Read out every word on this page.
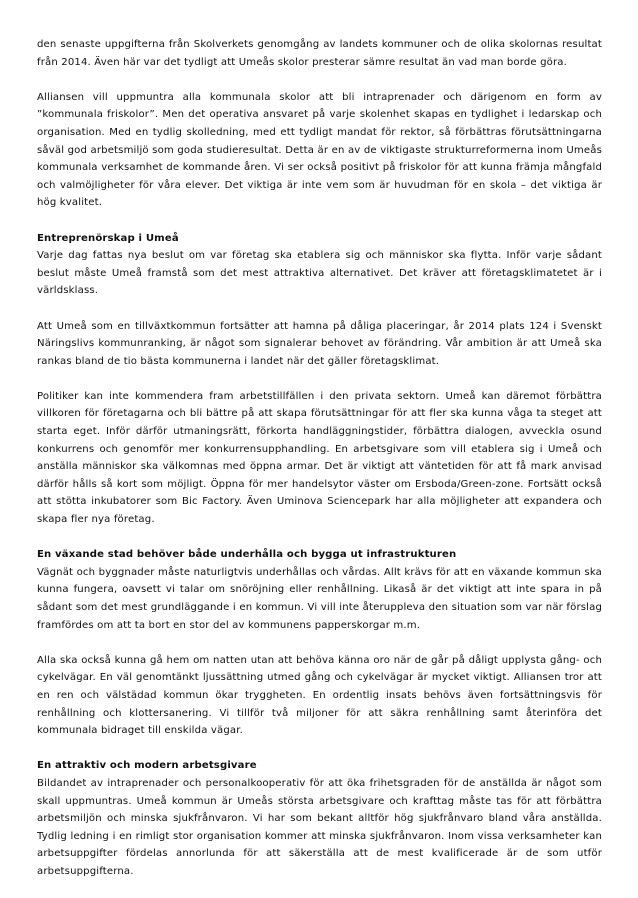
den senaste uppgifterna från Skolverkets genomgång av landets kommuner och de olika skolornas resultat från 2014. Även här var det tydligt att Umeås skolor presterar sämre resultat än vad man borde göra.

Alliansen vill uppmuntra alla kommunala skolor att bli intraprenader och därigenom en form av ”kommunala friskolor”. Men det operativa ansvaret på varje skolenhet skapas en tydlighet i ledarskap och organisation. Med en tydlig skolledning, med ett tydligt mandat för rektor, så förbättras förutsättningarna såväl god arbetsmiljö som goda studieresultat. Detta är en av de viktigaste strukturreformerna inom Umeås kommunala verksamhet de kommande åren. Vi ser också positivt på friskolor för att kunna främja mångfald och valmöjligheter för våra elever. Det viktiga är inte vem som är huvudman för en skola – det viktiga är hög kvalitet.

Entreprenörskap i Umeå

Varje dag fattas nya beslut om var företag ska etablera sig och människor ska flytta. Inför varje sådant beslut måste Umeå framstå som det mest attraktiva alternativet. Det kräver att företagsklimatetet är i världsklass.

Att Umeå som en tillväxtkommun fortsätter att hamna på dåliga placeringar, år 2014 plats 124 i Svenskt Näringslivs kommunranking, är något som signalerar behovet av förändring. Vår ambition är att Umeå ska rankas bland de tio bästa kommunerna i landet när det gäller företagsklimat.

Politiker kan inte kommendera fram arbetstillfällen i den privata sektorn. Umeå kan däremot förbättra villkoren för företagarna och bli bättre på att skapa förutsättningar för att fler ska kunna våga ta steget att starta eget. Inför därför utmaningsrätt, förkorta handläggningstider, förbättra dialogen, avveckla osund konkurrens och genomför mer konkurrensupphandling. En arbetsgivare som vill etablera sig i Umeå och anställa människor ska välkomnas med öppna armar. Det är viktigt att väntetiden för att få mark anvisad därför hålls så kort som möjligt. Öppna för mer handelsytor väster om Ersboda/Green-zone. Fortsätt också att stötta inkubatorer som Bic Factory. Även Uminova Sciencepark har alla möjligheter att expandera och skapa fler nya företag.

En växande stad behöver både underhålla och bygga ut infrastrukturen

Vägnät och byggnader måste naturligtvis underhållas och vårdas. Allt krävs för att en växande kommun ska kunna fungera, oavsett vi talar om snöröjning eller renhållning. Likaså är det viktigt att inte spara in på sådant som det mest grundläggande i en kommun. Vi vill inte återuppleva den situation som var när förslag framfördes om att ta bort en stor del av kommunens papperskorgar m.m.

Alla ska också kunna gå hem om natten utan att behöva känna oro när de går på dåligt upplysta gång- och cykelvägar. En väl genomtänkt ljussättning utmed gång och cykelvägar är mycket viktigt. Alliansen tror att en ren och välstädad kommun ökar tryggheten. En ordentlig insats behövs även fortsättningsvis för renhållning och klottersanering. Vi tillför två miljoner för att säkra renhållning samt återinföra det kommunala bidraget till enskilda vägar.

En attraktiv och modern arbetsgivare

Bildandet av intraprenader och personalkooperativ för att öka frihetsgraden för de anställda är något som skall uppmuntras. Umeå kommun är Umeås största arbetsgivare och krafttag måste tas för att förbättra arbetsmiljön och minska sjukfrånvaron. Vi har som bekant alltför hög sjukfrånvaro bland våra anställda. Tydlig ledning i en rimligt stor organisation kommer att minska sjukfrånvaron. Inom vissa verksamheter kan arbetsuppgifter fördelas annorlunda för att säkerställa att de mest kvalificerade är de som utför arbetsuppgifterna.
